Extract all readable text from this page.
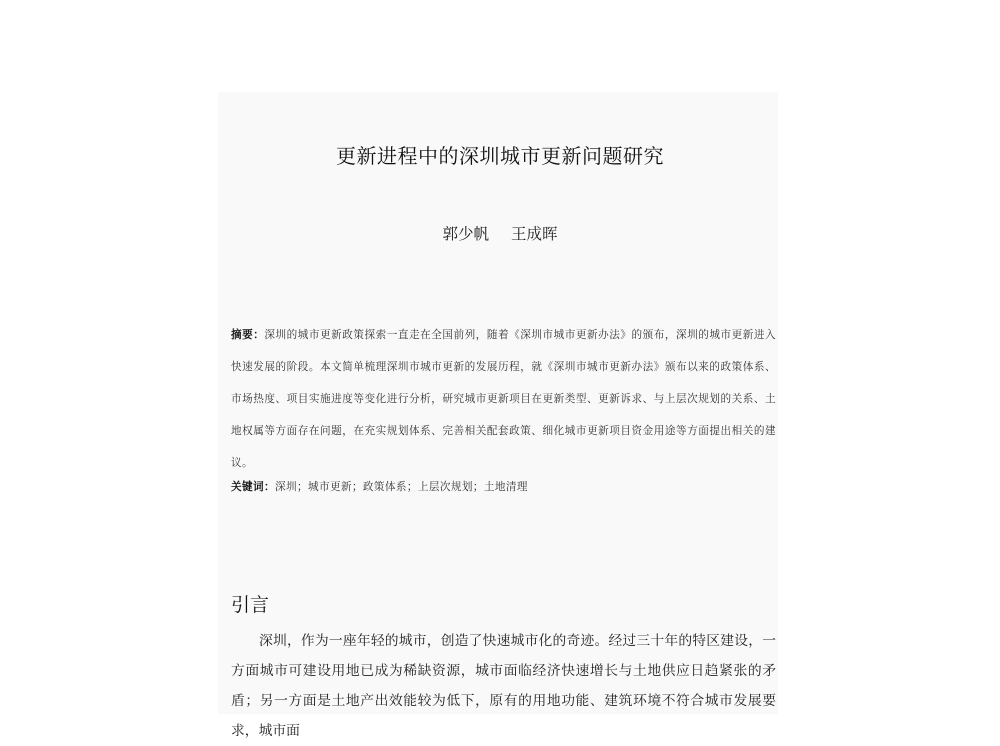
更新进程中的深圳城市更新问题研究
郭少帆 王成晖

摘要：深圳的城市更新政策探索一直走在全国前列，随着《深圳市城市更新办法》的颁布，深圳的城市更新进入快速发展的阶段。本文简单梳理深圳市城市更新的发展历程，就《深圳市城市更新办法》颁布以来的政策体系、市场热度、项目实施进度等变化进行分析，研究城市更新项目在更新类型、更新诉求、与上层次规划的关系、土地权属等方面存在问题，在充实规划体系、完善相关配套政策、细化城市更新项目资金用途等方面提出相关的建议。

关键词：深圳；城市更新；政策体系；上层次规划；土地清理

引言

深圳，作为一座年轻的城市，创造了快速城市化的奇迹。经过三十年的特区建设，一方面城市可建设用地已成为稀缺资源，城市面临经济快速增长与土地供应日趋紧张的矛盾；另一方面是土地产出效能较为低下，原有的用地功能、建筑环境不符合城市发展要求，城市面
